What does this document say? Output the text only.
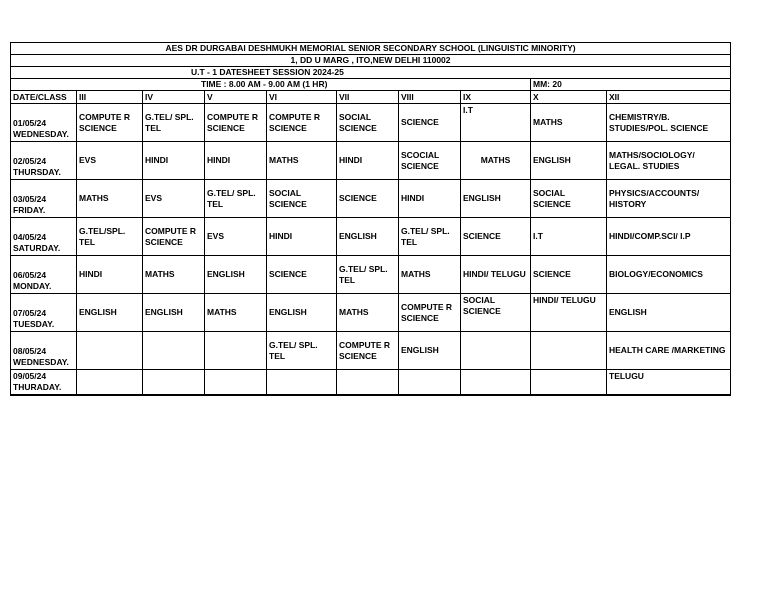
AES DR DURGABAI DESHMUKH MEMORIAL SENIOR SECONDARY SCHOOL (LINGUISTIC MINORITY)									
1, DD U MARG , ITO,NEW DELHI 110002									
U.T - 1 DATESHEET SESSION 2024-25									
TIME : 8.00 AM - 9.00 AM (1 HR)								MM: 20	
DATE/CLASS	III	IV	V	VI	VII	VIII	IX	X	XII

01/05/24
WEDNESDAY.	COMPUTE R SCIENCE	G.TEL/ SPL. TEL	COMPUTE R SCIENCE	COMPUTE R SCIENCE	SOCIAL SCIENCE	SCIENCE	I.T	MATHS	CHEMISTRY/B. STUDIES/POL. SCIENCE

02/05/24
THURSDAY.	EVS	HINDI	HINDI	MATHS	HINDI	SCOCIAL SCIENCE	MATHS	ENGLISH	MATHS/SOCIOLOGY/ LEGAL. STUDIES

03/05/24
FRIDAY.	MATHS	EVS	G.TEL/ SPL. TEL	SOCIAL SCIENCE	SCIENCE	HINDI	ENGLISH	SOCIAL SCIENCE	PHYSICS/ACCOUNTS/ HISTORY

04/05/24
SATURDAY.	G.TEL/SPL. TEL	COMPUTE R SCIENCE	EVS	HINDI	ENGLISH	G.TEL/ SPL. TEL	SCIENCE	I.T	HINDI/COMP.SCI/ I.P

06/05/24
MONDAY.	HINDI	MATHS	ENGLISH	SCIENCE	G.TEL/ SPL. TEL	MATHS	HINDI/ TELUGU	SCIENCE	BIOLOGY/ECONOMICS

07/05/24
TUESDAY.	ENGLISH	ENGLISH	MATHS	ENGLISH	MATHS	COMPUTE R SCIENCE	SOCIAL SCIENCE	HINDI/ TELUGU	ENGLISH

08/05/24
WEDNESDAY.				G.TEL/ SPL. TEL	COMPUTE R SCIENCE	ENGLISH			HEALTH CARE /MARKETING

09/05/24
THURADAY.									TELUGU
